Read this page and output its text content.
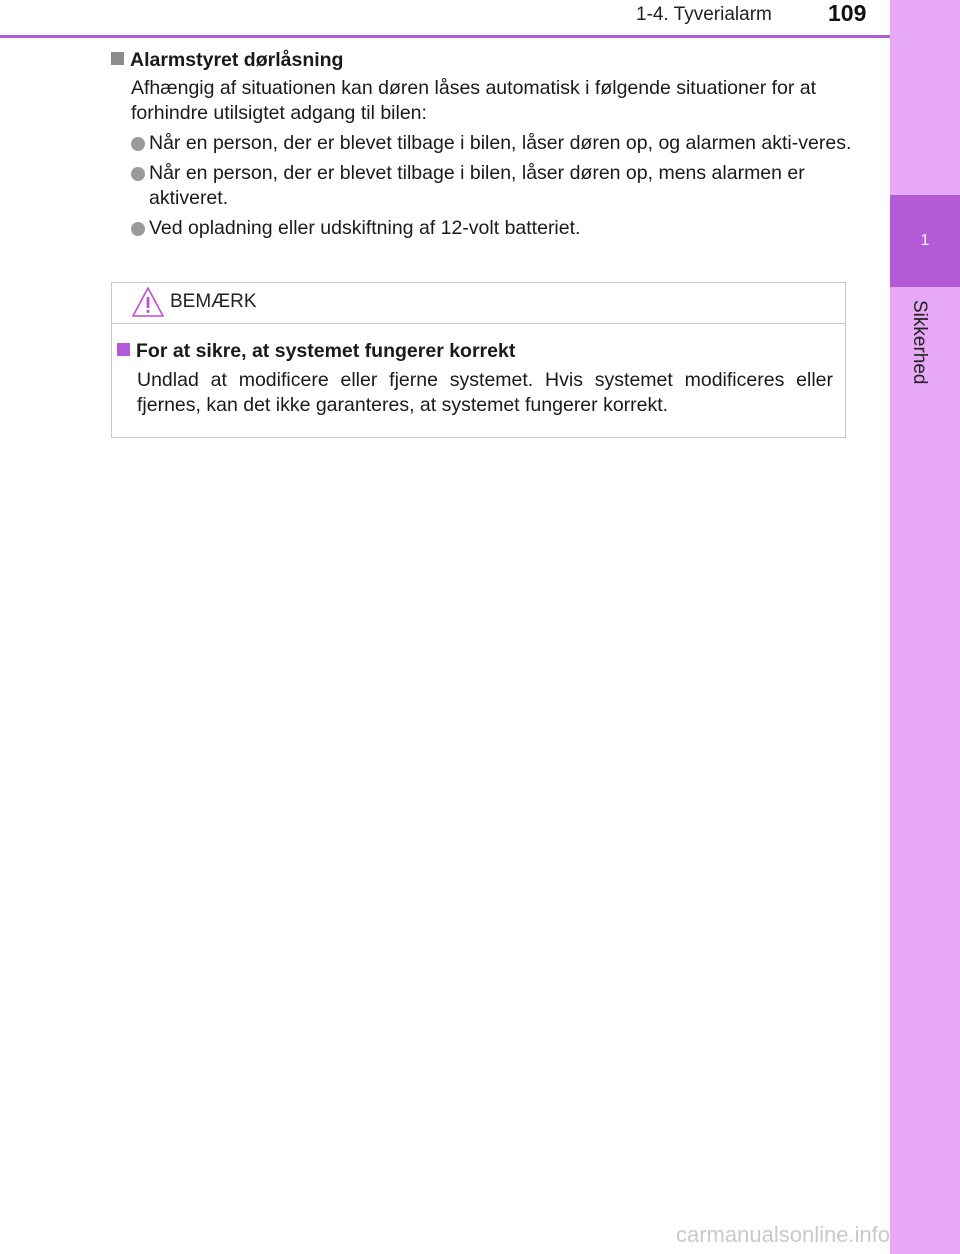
1-4. Tyverialarm 109
1
Sikkerhed
Alarmstyret dørlåsning

Afhængig af situationen kan døren låses automatisk i følgende situationer for at forhindre utilsigtet adgang til bilen:

Når en person, der er blevet tilbage i bilen, låser døren op, og alarmen akti-veres.
Når en person, der er blevet tilbage i bilen, låser døren op, mens alarmen er aktiveret.
Ved opladning eller udskiftning af 12-volt batteriet.
BEMÆRK
For at sikre, at systemet fungerer korrekt

Undlad at modificere eller fjerne systemet. Hvis systemet modificeres eller fjernes, kan det ikke garanteres, at systemet fungerer korrekt.

carmanualsonline.info
